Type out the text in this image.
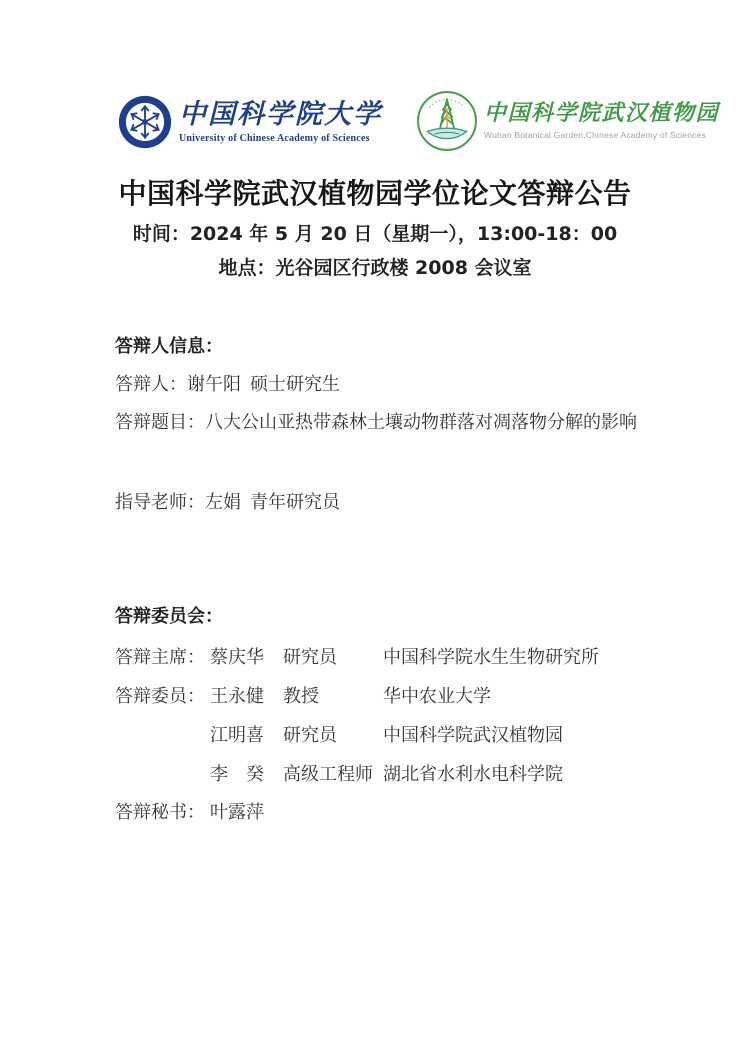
中国科学院大学
University of Chinese Academy of Sciences
中国科学院武汉植物园
Wuhan Botanical Garden,Chinese Academy of Sciences
中国科学院武汉植物园学位论文答辩公告
时间：2024 年 5 月 20 日（星期一），13:00-18：00
地点：光谷园区行政楼 2008 会议室
答辩人信息：
答辩人：谢午阳  硕士研究生
答辩题目：八大公山亚热带森林土壤动物群落对凋落物分解的影响
指导老师：左娟  青年研究员
答辩委员会：
答辩主席： 蔡庆华 研究员	中国科学院水生生物研究所
答辩委员： 王永健 教授	华中农业大学
江明喜 研究员	中国科学院武汉植物园
李　癸 高级工程师 湖北省水利水电科学院
答辩秘书： 叶露萍
